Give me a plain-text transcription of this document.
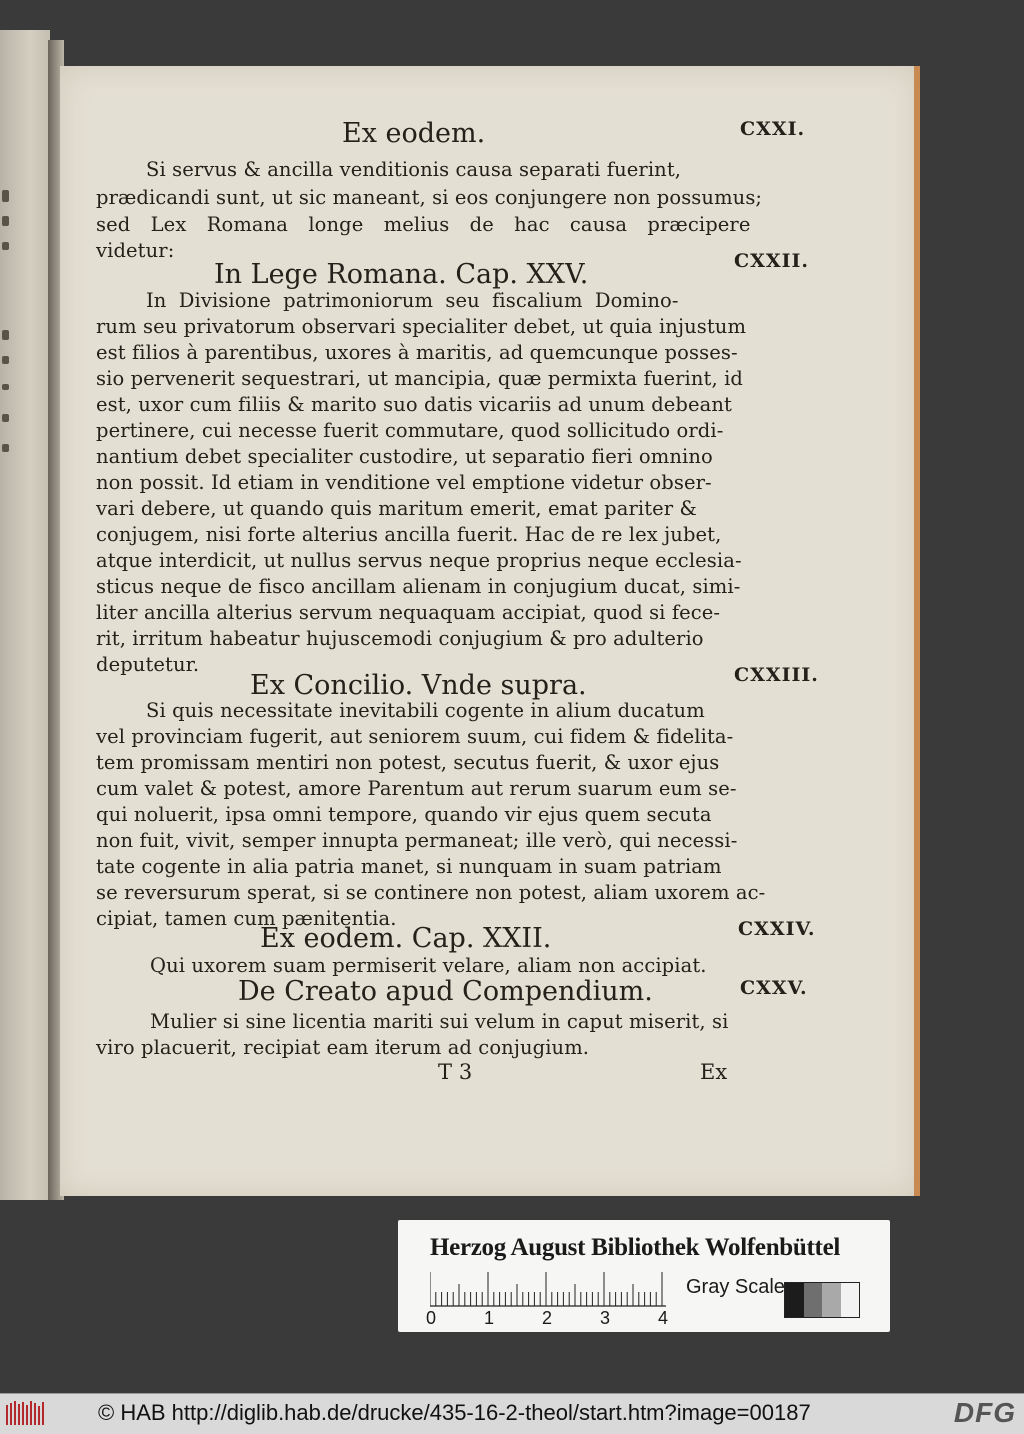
Ex eodem.	CXXI.
Si servus & ancilla venditionis causa separati fuerint,
prædicandi sunt, ut sic maneant, si eos conjungere non possumus;
sed Lex Romana longe melius de hac causa præcipere
videtur:
In Lege Romana. Cap. XXV.	CXXII.
In Divisione patrimoniorum seu fiscalium Domino-
rum seu privatorum observari specialiter debet, ut quia injustum
est filios à parentibus, uxores à maritis, ad quemcunque posses-
sio pervenerit sequestrari, ut mancipia, quæ permixta fuerint, id
est, uxor cum filiis & marito suo datis vicariis ad unum debeant
pertinere, cui necesse fuerit commutare, quod sollicitudo ordi-
nantium debet specialiter custodire, ut separatio fieri omnino
non possit. Id etiam in venditione vel emptione videtur obser-
vari debere, ut quando quis maritum emerit, emat pariter &
conjugem, nisi forte alterius ancilla fuerit. Hac de re lex jubet,
atque interdicit, ut nullus servus neque proprius neque ecclesia-
sticus neque de fisco ancillam alienam in conjugium ducat, simi-
liter ancilla alterius servum nequaquam accipiat, quod si fece-
rit, irritum habeatur hujuscemodi conjugium & pro adulterio
deputetur.
Ex Concilio. Vnde supra.	CXXIII.
Si quis necessitate inevitabili cogente in alium ducatum
vel provinciam fugerit, aut seniorem suum, cui fidem & fidelita-
tem promissam mentiri non potest, secutus fuerit, & uxor ejus
cum valet & potest, amore Parentum aut rerum suarum eum se-
qui noluerit, ipsa omni tempore, quando vir ejus quem secuta
non fuit, vivit, semper innupta permaneat; ille verò, qui necessi-
tate cogente in alia patria manet, si nunquam in suam patriam
se reversurum sperat, si se continere non potest, aliam uxorem ac-
cipiat, tamen cum pænitentia.
Ex eodem. Cap. XXII.	CXXIV.
Qui uxorem suam permiserit velare, aliam non accipiat.
De Creato apud Compendium.	CXXV.
Mulier si sine licentia mariti sui velum in caput miserit, si
viro placuerit, recipiat eam iterum ad conjugium.
T 3	Ex
Herzog August Bibliothek Wolfenbüttel
0	1	2	3	4
Gray Scale
© HAB http://diglib.hab.de/drucke/435-16-2-theol/start.htm?image=00187	DFG
